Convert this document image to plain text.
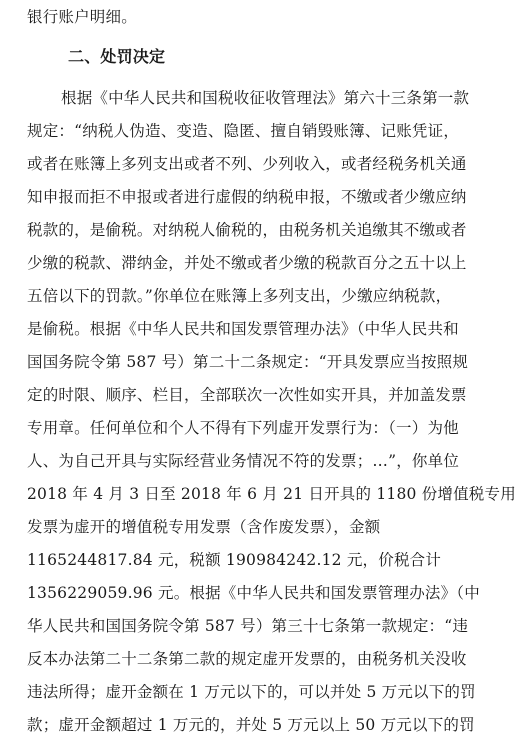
银行账户明细。
二、处罚决定
根据《中华人民共和国税收征收管理法》第六十三条第一款
规定：“纳税人伪造、变造、隐匿、擅自销毁账簿、记账凭证，
或者在账簿上多列支出或者不列、少列收入，或者经税务机关通
知申报而拒不申报或者进行虚假的纳税申报，不缴或者少缴应纳
税款的，是偷税。对纳税人偷税的，由税务机关追缴其不缴或者
少缴的税款、滞纳金，并处不缴或者少缴的税款百分之五十以上
五倍以下的罚款。”你单位在账簿上多列支出，少缴应纳税款，
是偷税。根据《中华人民共和国发票管理办法》（中华人民共和
国国务院令第 587 号）第二十二条规定：“开具发票应当按照规
定的时限、顺序、栏目，全部联次一次性如实开具，并加盖发票
专用章。任何单位和个人不得有下列虚开发票行为：（一）为他
人、为自己开具与实际经营业务情况不符的发票；…”，你单位
2018 年 4 月 3 日至 2018 年 6 月 21 日开具的 1180 份增值税专用
发票为虚开的增值税专用发票（含作废发票），金额
1165244817.84 元，税额 190984242.12 元，价税合计
1356229059.96 元。根据《中华人民共和国发票管理办法》（中
华人民共和国国务院令第 587 号）第三十七条第一款规定：“违
反本办法第二十二条第二款的规定虚开发票的，由税务机关没收
违法所得；虚开金额在 1 万元以下的，可以并处 5 万元以下的罚
款；虚开金额超过 1 万元的，并处 5 万元以上 50 万元以下的罚
